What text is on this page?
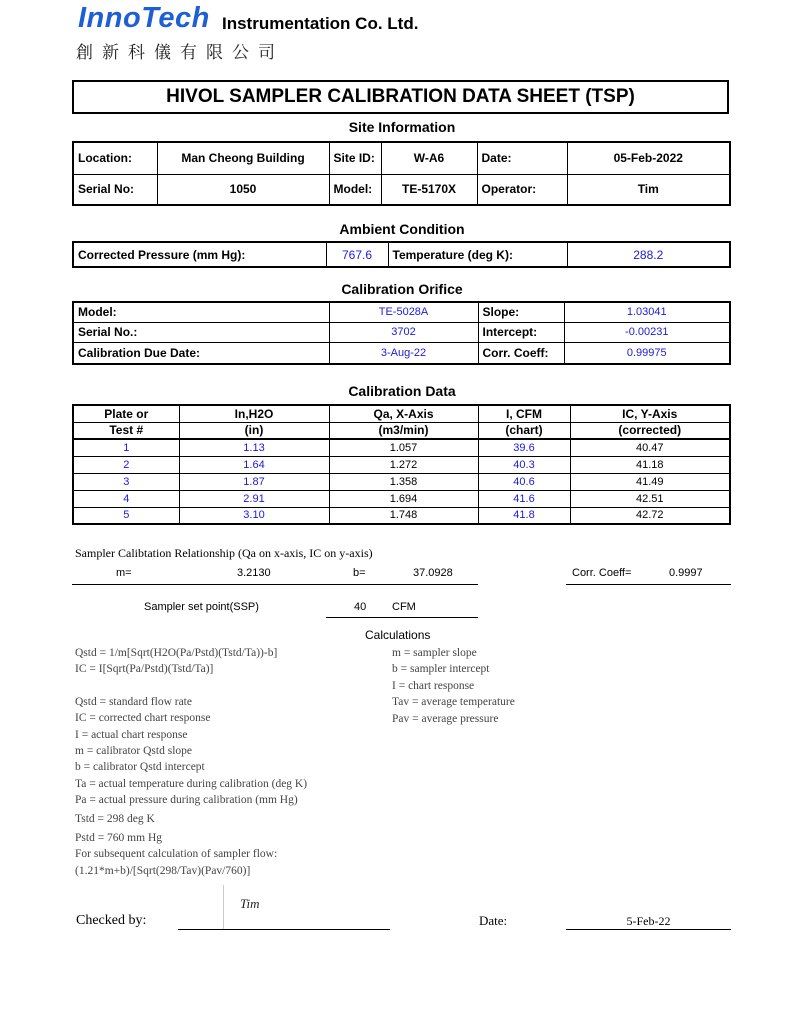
InnoTech Instrumentation Co. Ltd.
創新科儀有限公司
HIVOL SAMPLER CALIBRATION DATA SHEET (TSP)
Site Information
Location:	Man Cheong Building	Site ID:	W-A6	Date:	05-Feb-2022
Serial No:	1050	Model:	TE-5170X	Operator:	Tim
Ambient Condition
Corrected Pressure (mm Hg):	767.6	Temperature (deg K):	288.2
Calibration Orifice
Model:	TE-5028A	Slope:	1.03041
Serial No.:	3702	Intercept:	-0.00231
Calibration Due Date:	3-Aug-22	Corr. Coeff:	0.99975
Calibration Data
Plate or	In,H2O	Qa, X-Axis	I, CFM	IC, Y-Axis
Test #	(in)	(m3/min)	(chart)	(corrected)
1	1.13	1.057	39.6	40.47
2	1.64	1.272	40.3	41.18
3	1.87	1.358	40.6	41.49
4	2.91	1.694	41.6	42.51
5	3.10	1.748	41.8	42.72
Sampler Calibtation Relationship (Qa on x-axis, IC on y-axis)
m=	3.2130	b=	37.0928	Corr. Coeff=	0.9997
Sampler set point(SSP)	40 CFM
Calculations
Qstd = 1/m[Sqrt(H2O(Pa/Pstd)(Tstd/Ta))-b]
IC = I[Sqrt(Pa/Pstd)(Tstd/Ta)]
Qstd = standard flow rate
IC = corrected chart response
I = actual chart response
m = calibrator Qstd slope
b = calibrator Qstd intercept
Ta = actual temperature during calibration (deg K)
Pa = actual pressure during calibration (mm Hg)
Tstd = 298 deg K
Pstd = 760 mm Hg
For subsequent calculation of sampler flow:
(1.21*m+b)/[Sqrt(298/Tav)(Pav/760)]
m = sampler slope
b = sampler intercept
I = chart response
Tav = average temperature
Pav = average pressure
Checked by:
Tim
Date:	5-Feb-22
